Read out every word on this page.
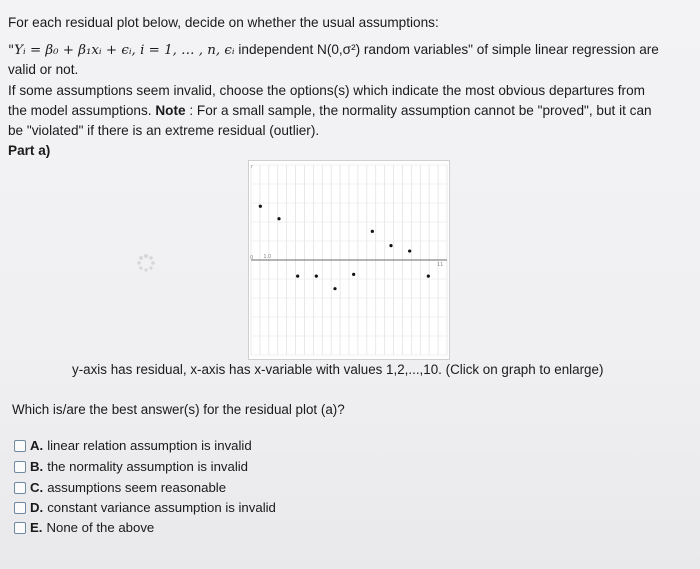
For each residual plot below, decide on whether the usual assumptions:
"Yᵢ = β₀ + β₁xᵢ + ϵᵢ, i = 1, … , n, ϵᵢ independent N(0,σ²) random variables" of simple linear regression are
valid or not.
If some assumptions seem invalid, choose the options(s) which indicate the most obvious departures from
the model assumptions. Note : For a small sample, the normality assumption cannot be "proved", but it can
be "violated" if there is an extreme residual (outlier).
Part a)
r
0 1.0
11
y-axis has residual, x-axis has x-variable with values 1,2,...,10. (Click on graph to enlarge)
Which is/are the best answer(s) for the residual plot (a)?
A. linear relation assumption is invalid
B. the normality assumption is invalid
C. assumptions seem reasonable
D. constant variance assumption is invalid
E. None of the above
